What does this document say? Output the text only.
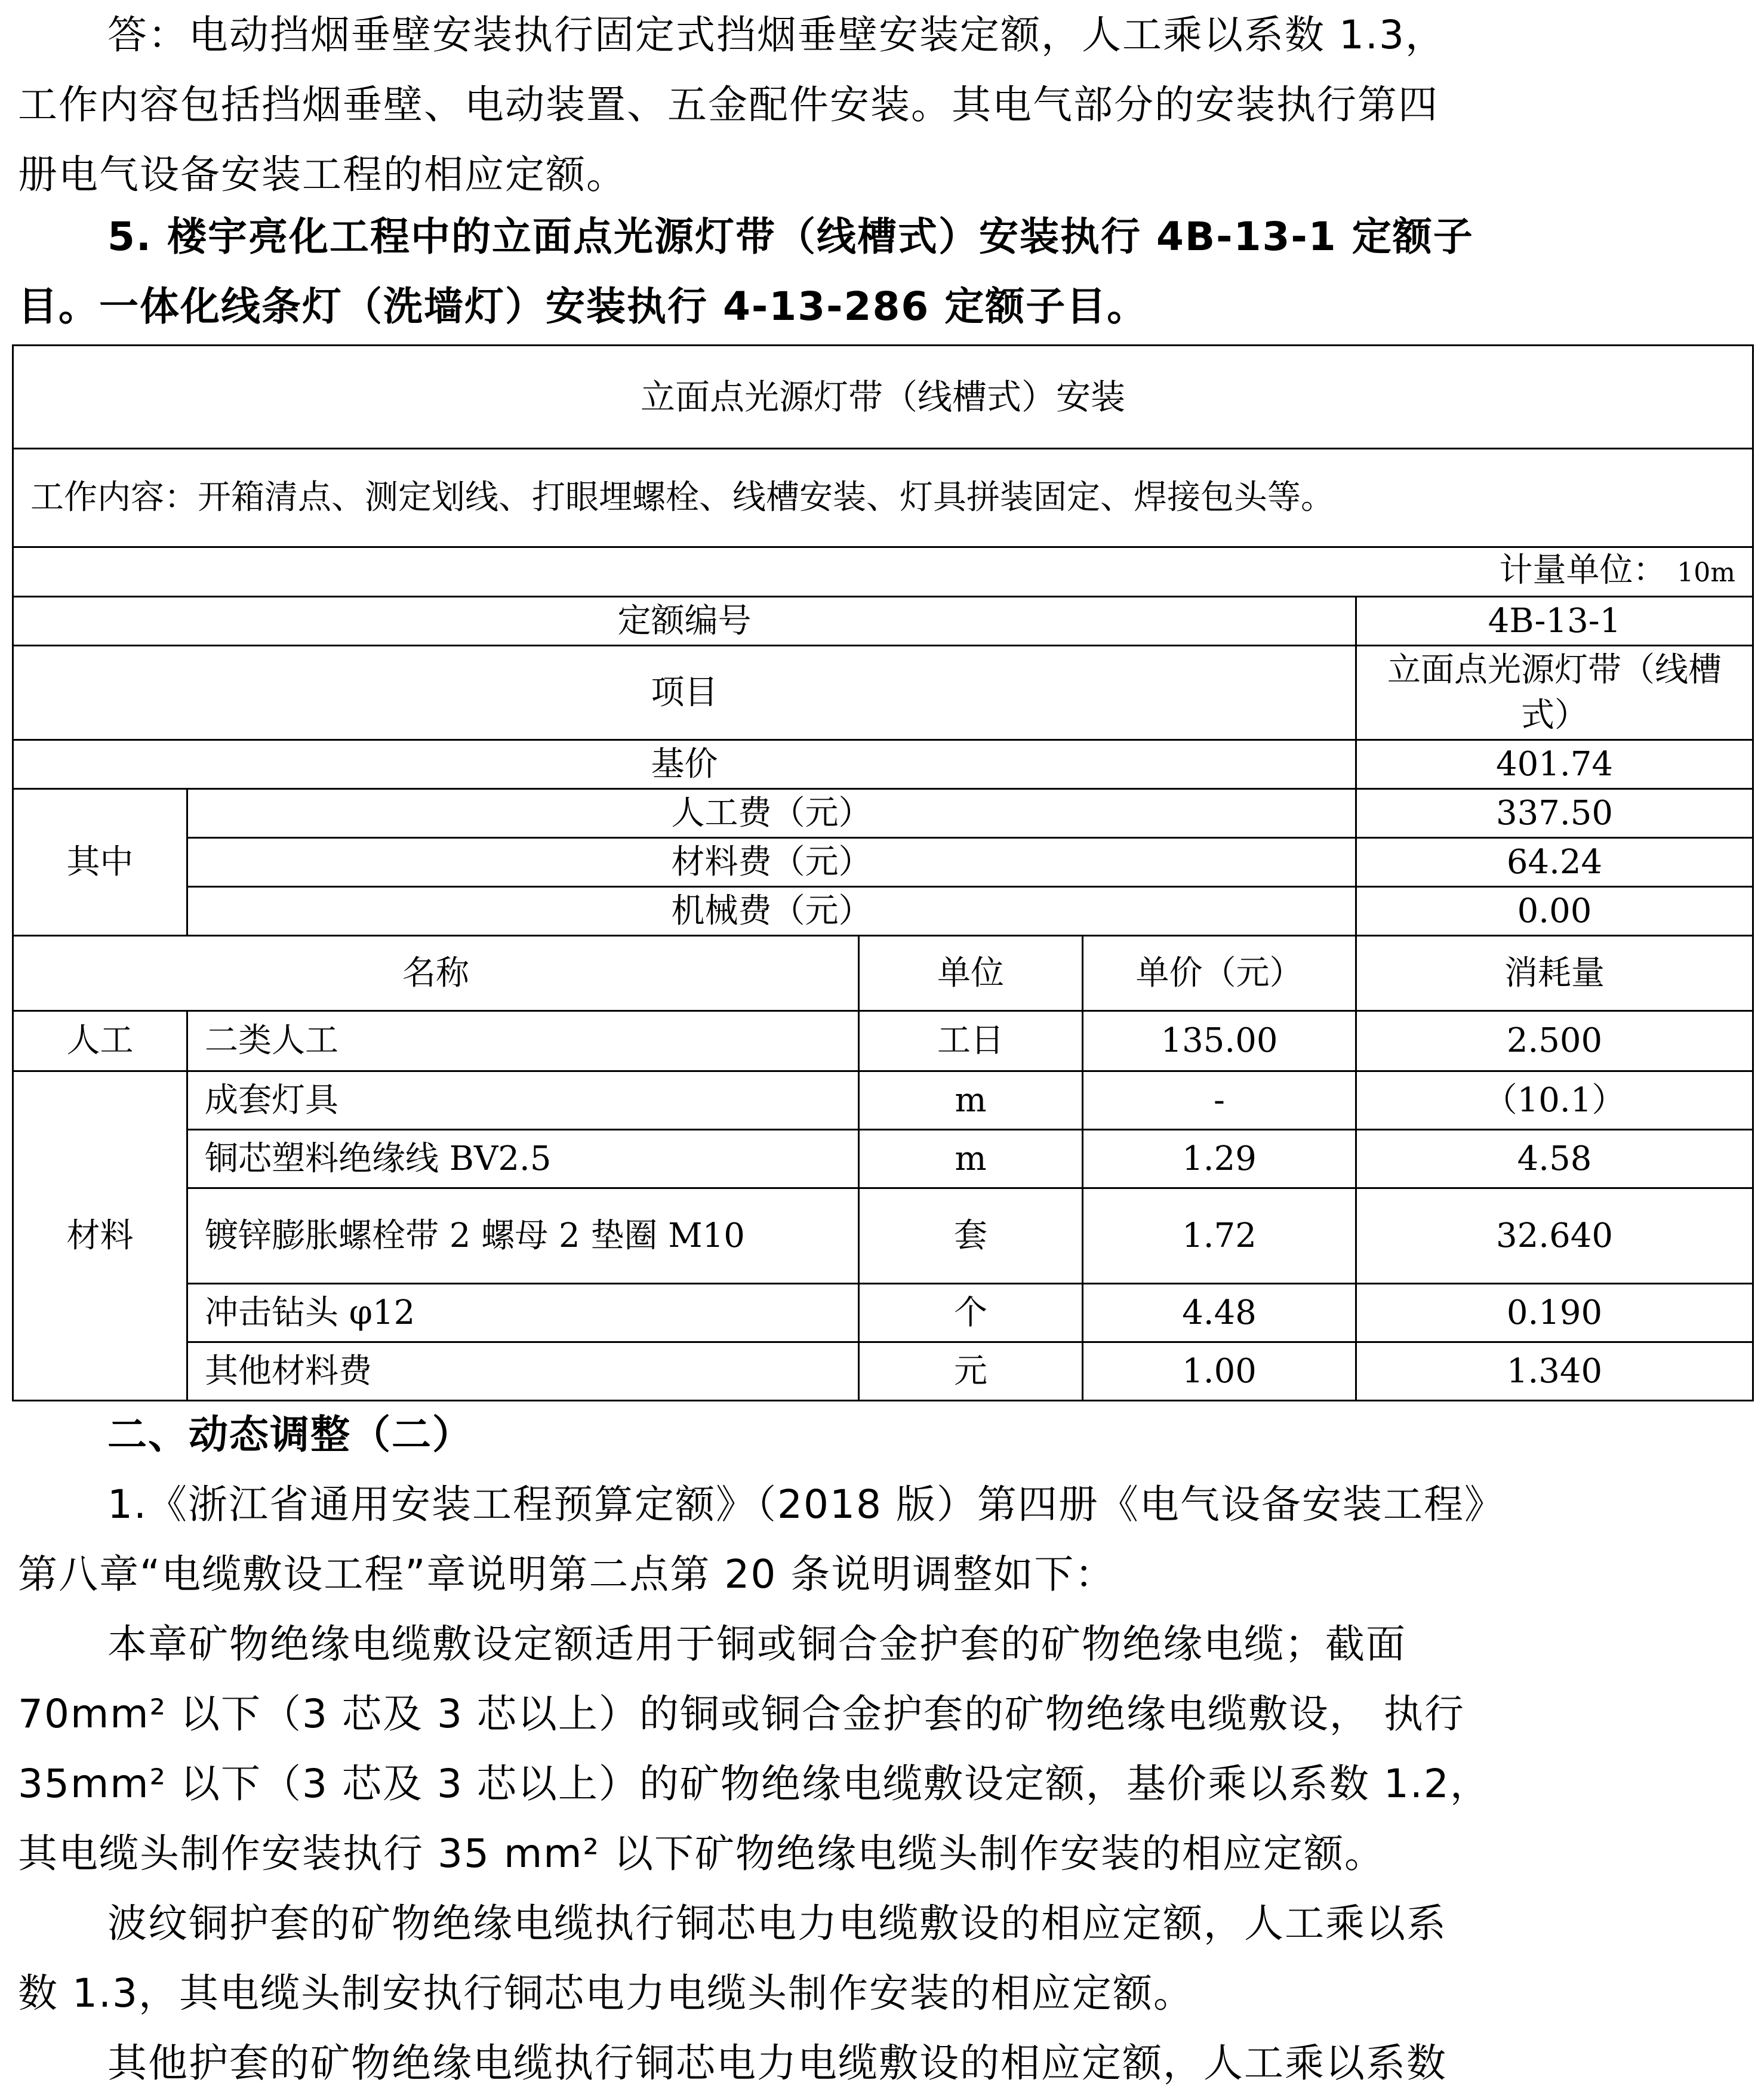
答：电动挡烟垂壁安装执行固定式挡烟垂壁安装定额，人工乘以系数 1.3，
工作内容包括挡烟垂壁、电动装置、五金配件安装。其电气部分的安装执行第四
册电气设备安装工程的相应定额。
5. 楼宇亮化工程中的立面点光源灯带（线槽式）安装执行 4B-13-1 定额子
目。一体化线条灯（洗墙灯）安装执行 4-13-286 定额子目。
立面点光源灯带（线槽式）安装				
工作内容：开箱清点、测定划线、打眼埋螺栓、线槽安装、灯具拼装固定、焊接包头等。				
计量单位： 10m				
定额编号				4B-13-1
项目				立面点光源灯带（线槽式）
基价				401.74
其中	人工费（元）			337.50
	材料费（元）			64.24
	机械费（元）			0.00
名称		单位	单价（元）	消耗量
人工	二类人工	工日	135.00	2.500
材料	成套灯具	m	-	（10.1）
	铜芯塑料绝缘线 BV2.5	m	1.29	4.58
	镀锌膨胀螺栓带 2 螺母 2 垫圈 M10	套	1.72	32.640
	冲击钻头 φ12	个	4.48	0.190
	其他材料费	元	1.00	1.340
二、动态调整（二）
1.《浙江省通用安装工程预算定额》（2018 版）第四册《电气设备安装工程》
第八章“电缆敷设工程”章说明第二点第 20 条说明调整如下：
本章矿物绝缘电缆敷设定额适用于铜或铜合金护套的矿物绝缘电缆；截面
70mm² 以下（3 芯及 3 芯以上）的铜或铜合金护套的矿物绝缘电缆敷设， 执行
35mm² 以下（3 芯及 3 芯以上）的矿物绝缘电缆敷设定额，基价乘以系数 1.2，
其电缆头制作安装执行 35 mm² 以下矿物绝缘电缆头制作安装的相应定额。
波纹铜护套的矿物绝缘电缆执行铜芯电力电缆敷设的相应定额，人工乘以系
数 1.3，其电缆头制安执行铜芯电力电缆头制作安装的相应定额。
其他护套的矿物绝缘电缆执行铜芯电力电缆敷设的相应定额，人工乘以系数
